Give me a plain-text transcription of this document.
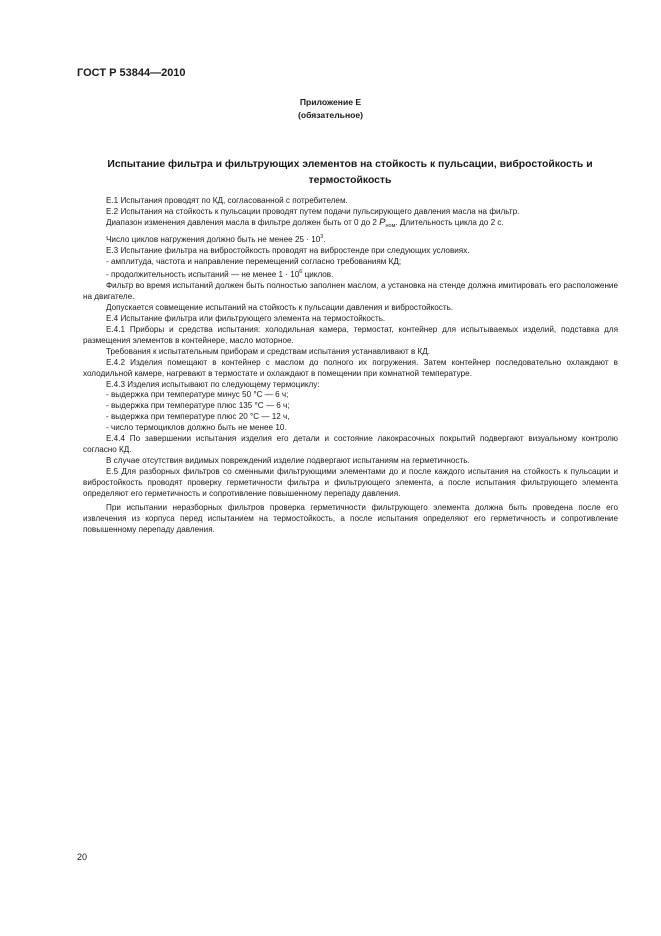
ГОСТ Р 53844—2010
Приложение Е
(обязательное)
Испытание фильтра и фильтрующих элементов на стойкость к пульсации, вибростойкость и термостойкость

Е.1 Испытания проводят по КД, согласованной с потребителем.

Е.2 Испытания на стойкость к пульсации проводят путем подачи пульсирующего давления масла на фильтр.

Диапазон изменения давления масла в фильтре должен быть от 0 до 2 $Р_{ном}$. Длительность цикла до 2 с.

Число циклов нагружения должно быть не менее $25 \cdot 10^3$.

Е.3 Испытание фильтра на вибростойкость проводят на вибростенде при следующих условиях.

- амплитуда, частота и направление перемещений согласно требованиям КД;

- продолжительность испытаний — не менее $1 \cdot 10^6$ циклов.

Фильтр во время испытаний должен быть полностью заполнен маслом, а установка на стенде должна имитировать его расположение на двигателе.

Допускается совмещение испытаний на стойкость к пульсации давления и вибростойкость.

Е.4 Испытание фильтра или фильтрующего элемента на термостойкость.

Е.4.1 Приборы и средства испытания: холодильная камера, термостат, контейнер для испытываемых изделий, подставка для размещения элементов в контейнере, масло моторное.

Требования к испытательным приборам и средствам испытания устанавливают в КД.

Е.4.2 Изделия помещают в контейнер с маслом до полного их погружения. Затем контейнер последовательно охлаждают в холодильной камере, нагревают в термостате и охлаждают в помещении при комнатной температуре.

Е.4.3 Изделия испытывают по следующему термоциклу:

- выдержка при температуре минус 50 °С — 6 ч;

- выдержка при температуре плюс 135 °С — 6 ч;

- выдержка при температуре плюс 20 °С — 12 ч,

- число термоциклов должно быть не менее 10.

Е.4.4 По завершении испытания изделия его детали и состояние лакокрасочных покрытий подвергают визуальному контролю согласно КД.

В случае отсутствия видимых повреждений изделие подвергают испытаниям на герметичность.

Е.5 Для разборных фильтров со сменными фильтрующими элементами до и после каждого испытания на стойкость к пульсации и вибростойкость проводят проверку герметичности фильтра и фильтрующего элемента, а после испытания фильтрующего элемента определяют его герметичность и сопротивление повышенному перепаду давления.

При испытании неразборных фильтров проверка герметичности фильтрующего элемента должна быть проведена после его извлечения из корпуса перед испытанием на термостойкость, а после испытания определяют его герметичность и сопротивление повышенному перепаду давления.

20
